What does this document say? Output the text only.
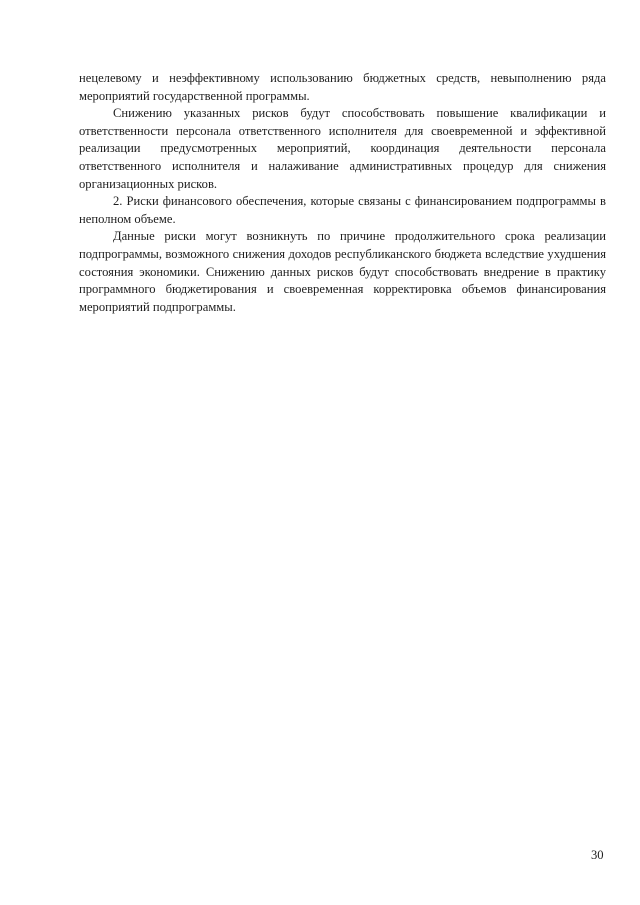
нецелевому и неэффективному использованию бюджетных средств, невыполнению ряда мероприятий государственной программы.

Снижению указанных рисков будут способствовать повышение квалификации и ответственности персонала ответственного исполнителя для своевременной и эффективной реализации предусмотренных мероприятий, координация деятельности персонала ответственного исполнителя и налаживание административных процедур для снижения организационных рисков.

2. Риски финансового обеспечения, которые связаны с финансированием подпрограммы в неполном объеме.

Данные риски могут возникнуть по причине продолжительного срока реализации подпрограммы, возможного снижения доходов республиканского бюджета вследствие ухудшения состояния экономики. Снижению данных рисков будут способствовать внедрение в практику программного бюджетирования и своевременная корректировка объемов финансирования мероприятий подпрограммы.

30
